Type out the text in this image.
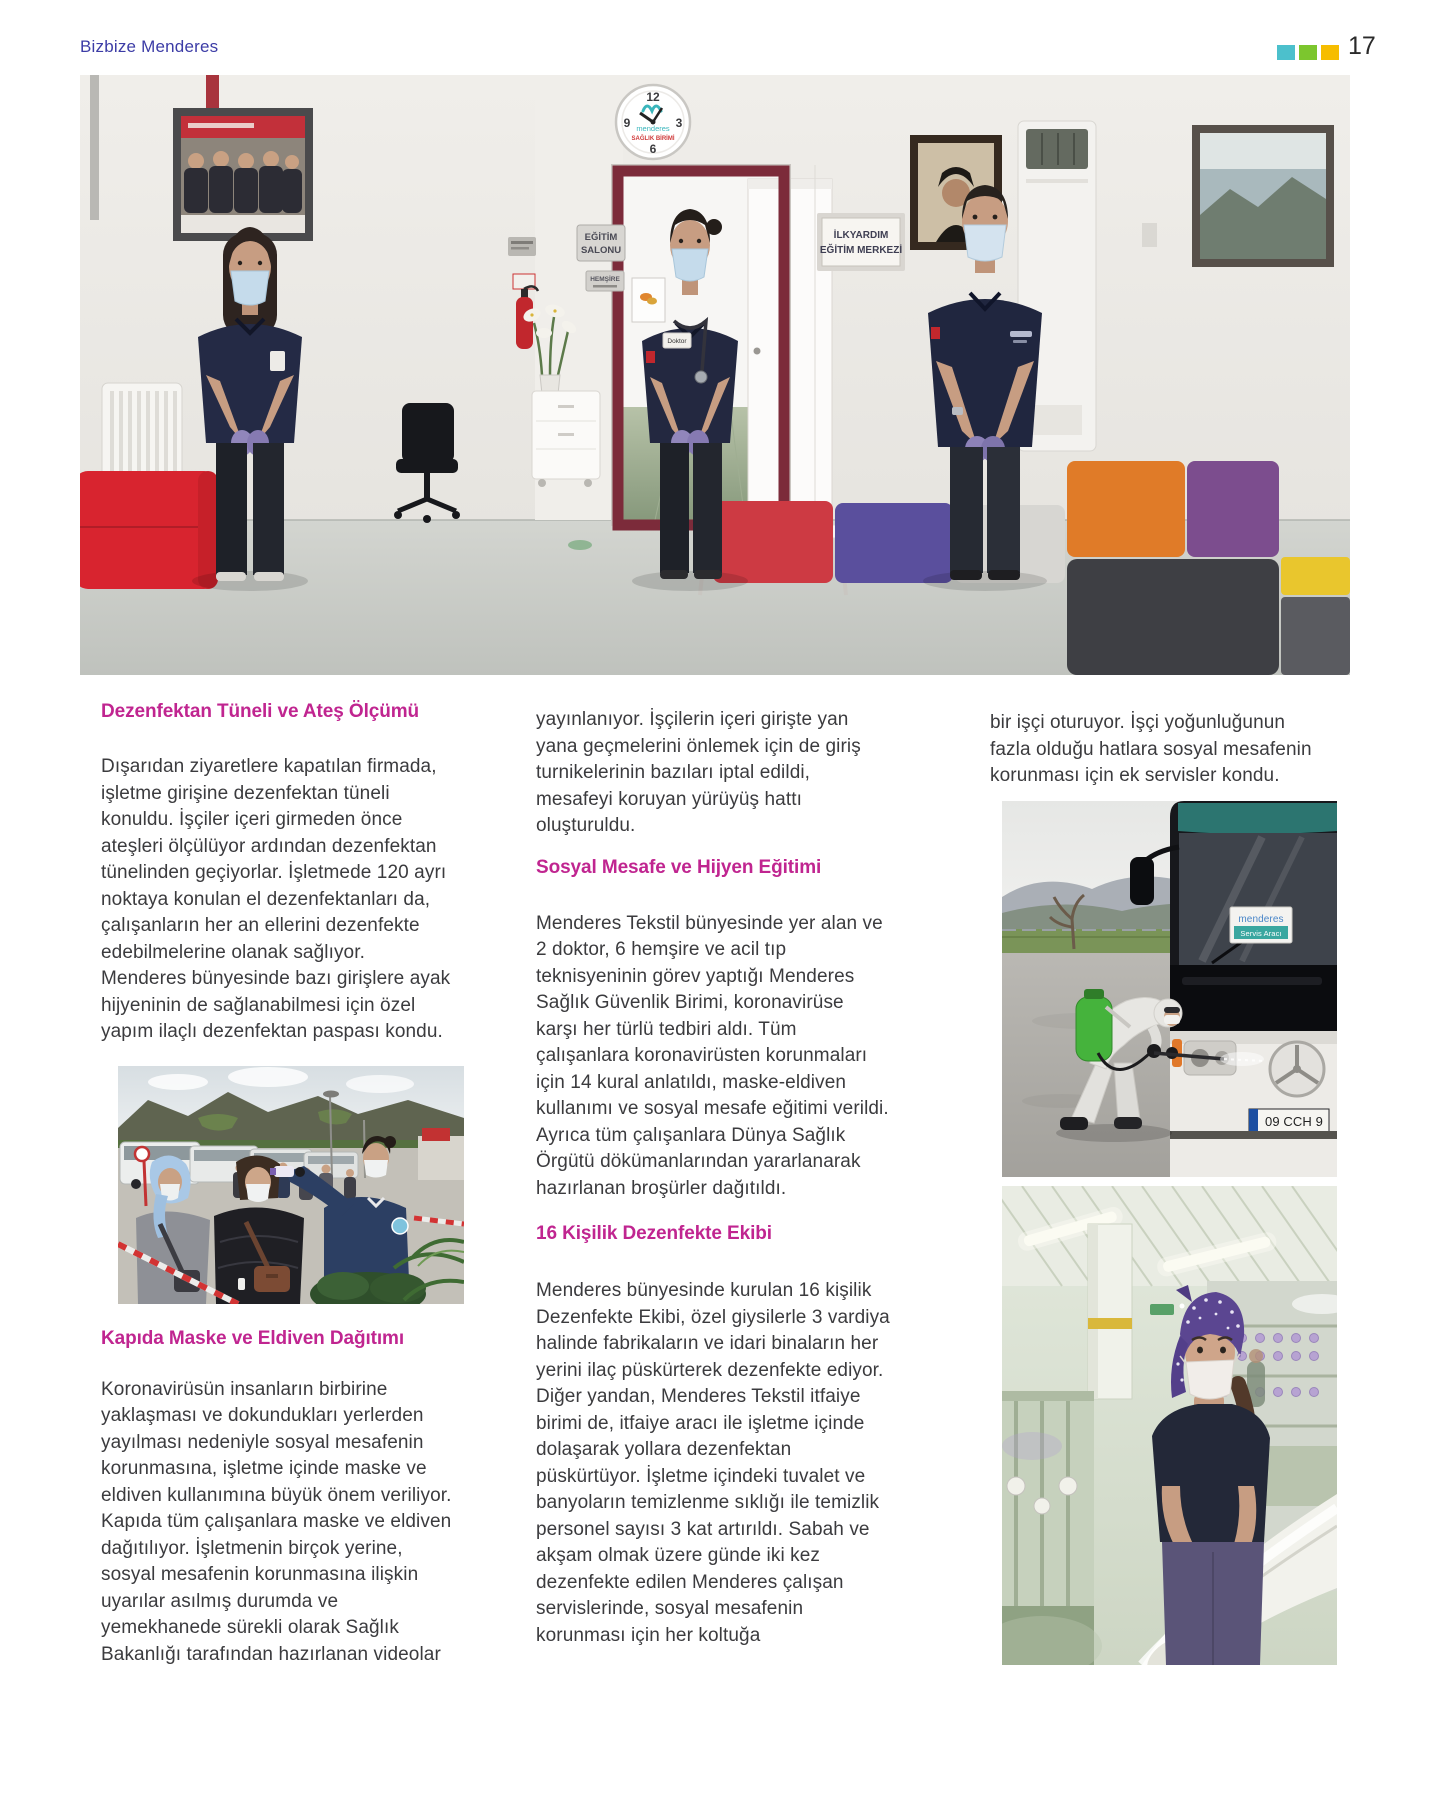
Bizbize Menderes	17
12
3
6
9 menderes
SAĞLIK BİRİMİ
EĞİTİM
SALONU
HEMŞİRE
İLKYARDIM
EĞİTİM MERKEZİ
Doktor
Dezenfektan Tüneli ve Ateş Ölçümü

Dışarıdan ziyaretlere kapatılan firmada, işletme girişine dezenfektan tüneli konuldu. İşçiler içeri girmeden önce ateşleri ölçülüyor ardından dezenfektan tünelinden geçiyorlar. İşletmede 120 ayrı noktaya konulan el dezenfektanları da, çalışanların her an ellerini dezenfekte edebilmelerine olanak sağlıyor. Menderes bünyesinde bazı girişlere ayak hijyeninin de sağlanabilmesi için özel yapım ilaçlı dezenfektan paspası kondu.

Kapıda Maske ve Eldiven Dağıtımı

Koronavirüsün insanların birbirine yaklaşması ve dokundukları yerlerden yayılması nedeniyle sosyal mesafenin korunmasına, işletme içinde maske ve eldiven kullanımına büyük önem veriliyor. Kapıda tüm çalışanlara maske ve eldiven dağıtılıyor. İşletmenin birçok yerine, sosyal mesafenin korunmasına ilişkin uyarılar asılmış durumda ve yemekhanede sürekli olarak Sağlık Bakanlığı tarafından hazırlanan videolar

yayınlanıyor. İşçilerin içeri girişte yan yana geçmelerini önlemek için de giriş turnikelerinin bazıları iptal edildi, mesafeyi koruyan yürüyüş hattı oluşturuldu.

Sosyal Mesafe ve Hijyen Eğitimi

Menderes Tekstil bünyesinde yer alan ve 2 doktor, 6 hemşire ve acil tıp teknisyeninin görev yaptığı Menderes Sağlık Güvenlik Birimi, koronavirüse karşı her türlü tedbiri aldı. Tüm çalışanlara koronavirüsten korunmaları için 14 kural anlatıldı, maske-eldiven kullanımı ve sosyal mesafe eğitimi verildi. Ayrıca tüm çalışanlara Dünya Sağlık Örgütü dökümanlarından yararlanarak hazırlanan broşürler dağıtıldı.

16 Kişilik Dezenfekte Ekibi

Menderes bünyesinde kurulan 16 kişilik Dezenfekte Ekibi, özel giysilerle 3 vardiya halinde fabrikaların ve idari binaların her yerini ilaç püskürterek dezenfekte ediyor. Diğer yandan, Menderes Tekstil itfaiye birimi de, itfaiye aracı ile işletme içinde dolaşarak yollara dezenfektan püskürtüyor. İşletme içindeki tuvalet ve banyoların temizlenme sıklığı ile temizlik personel sayısı 3 kat artırıldı. Sabah ve akşam olmak üzere günde iki kez dezenfekte edilen Menderes çalışan servislerinde, sosyal mesafenin korunması için her koltuğa

bir işçi oturuyor. İşçi yoğunluğunun fazla olduğu hatlara sosyal mesafenin korunması için ek servisler kondu.

menderes
Servis Aracı
09 CCH 9
